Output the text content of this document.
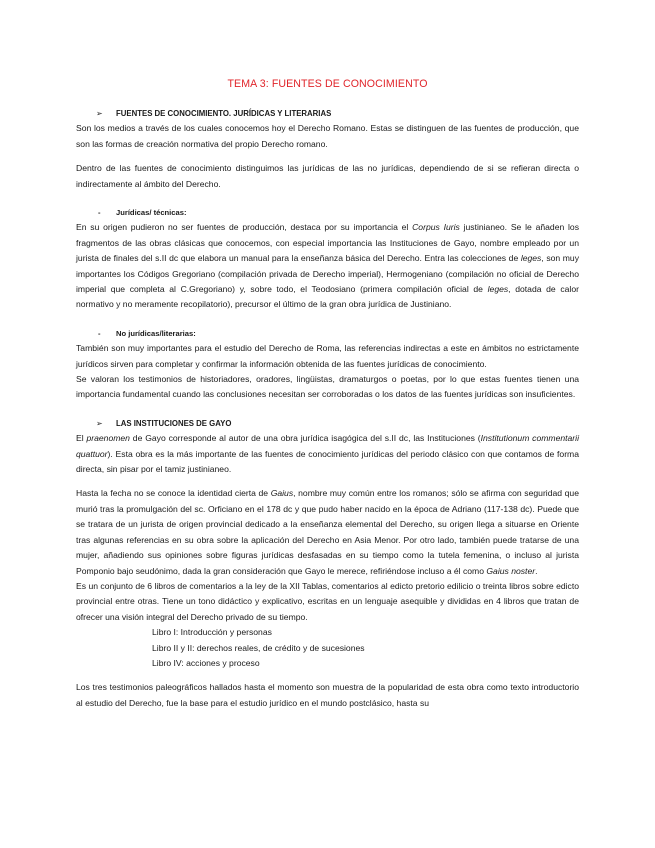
TEMA 3: FUENTES DE CONOCIMIENTO
➢	FUENTES DE CONOCIMIENTO. JURÍDICAS Y LITERARIAS

Son los medios a través de los cuales conocemos hoy el Derecho Romano. Estas se distinguen de las fuentes de producción, que son las formas de creación normativa del propio Derecho romano.

Dentro de las fuentes de conocimiento distinguimos las jurídicas de las no jurídicas, dependiendo de si se refieran directa o indirectamente al ámbito del Derecho.

-	Jurídicas/ técnicas:

En su origen pudieron no ser fuentes de producción, destaca por su importancia el Corpus Iuris justinianeo. Se le añaden los fragmentos de las obras clásicas que conocemos, con especial importancia las Instituciones de Gayo, nombre empleado por un jurista de finales del s.II dc que elabora un manual para la enseñanza básica del Derecho. Entra las colecciones de leges, son muy importantes los Códigos Gregoriano (compilación privada de Derecho imperial), Hermogeniano (compilación no oficial de Derecho imperial que completa al C.Gregoriano) y, sobre todo, el Teodosiano (primera compilación oficial de leges, dotada de calor normativo y no meramente recopilatorio), precursor el último de la gran obra jurídica de Justiniano.

-	No jurídicas/literarias:

También son muy importantes para el estudio del Derecho de Roma, las referencias indirectas a este en ámbitos no estrictamente jurídicos sirven para completar y confirmar la información obtenida de las fuentes jurídicas de conocimiento.

Se valoran los testimonios de historiadores, oradores, lingüistas, dramaturgos o poetas, por lo que estas fuentes tienen una importancia fundamental cuando las conclusiones necesitan ser corroboradas o los datos de las fuentes jurídicas son insuficientes.

➢	LAS INSTITUCIONES DE GAYO

El praenomen de Gayo corresponde al autor de una obra jurídica isagógica del s.II dc, las Instituciones (Institutionum commentarii quattuor). Esta obra es la más importante de las fuentes de conocimiento jurídicas del periodo clásico con que contamos de forma directa, sin pisar por el tamiz justinianeo.

Hasta la fecha no se conoce la identidad cierta de Gaius, nombre muy común entre los romanos; sólo se afirma con seguridad que murió tras la promulgación del sc. Orficiano en el 178 dc y que pudo haber nacido en la época de Adriano (117-138 dc). Puede que se tratara de un jurista de origen provincial dedicado a la enseñanza elemental del Derecho, su origen llega a situarse en Oriente tras algunas referencias en su obra sobre la aplicación del Derecho en Asia Menor. Por otro lado, también puede tratarse de una mujer, añadiendo sus opiniones sobre figuras jurídicas desfasadas en su tiempo como la tutela femenina, o incluso al jurista Pomponio bajo seudónimo, dada la gran consideración que Gayo le merece, refiriéndose incluso a él como Gaius noster.

Es un conjunto de 6 libros de comentarios a la ley de la XII Tablas, comentarios al edicto pretorio edilicio o treinta libros sobre edicto provincial entre otras. Tiene un tono didáctico y explicativo, escritas en un lenguaje asequible y divididas en 4 libros que tratan de ofrecer una visión integral del Derecho privado de su tiempo.

Libro I: Introducción y personas
Libro II y II: derechos reales, de crédito y de sucesiones
Libro IV: acciones y proceso

Los tres testimonios paleográficos hallados hasta el momento son muestra de la popularidad de esta obra como texto introductorio al estudio del Derecho, fue la base para el estudio jurídico en el mundo postclásico, hasta su
